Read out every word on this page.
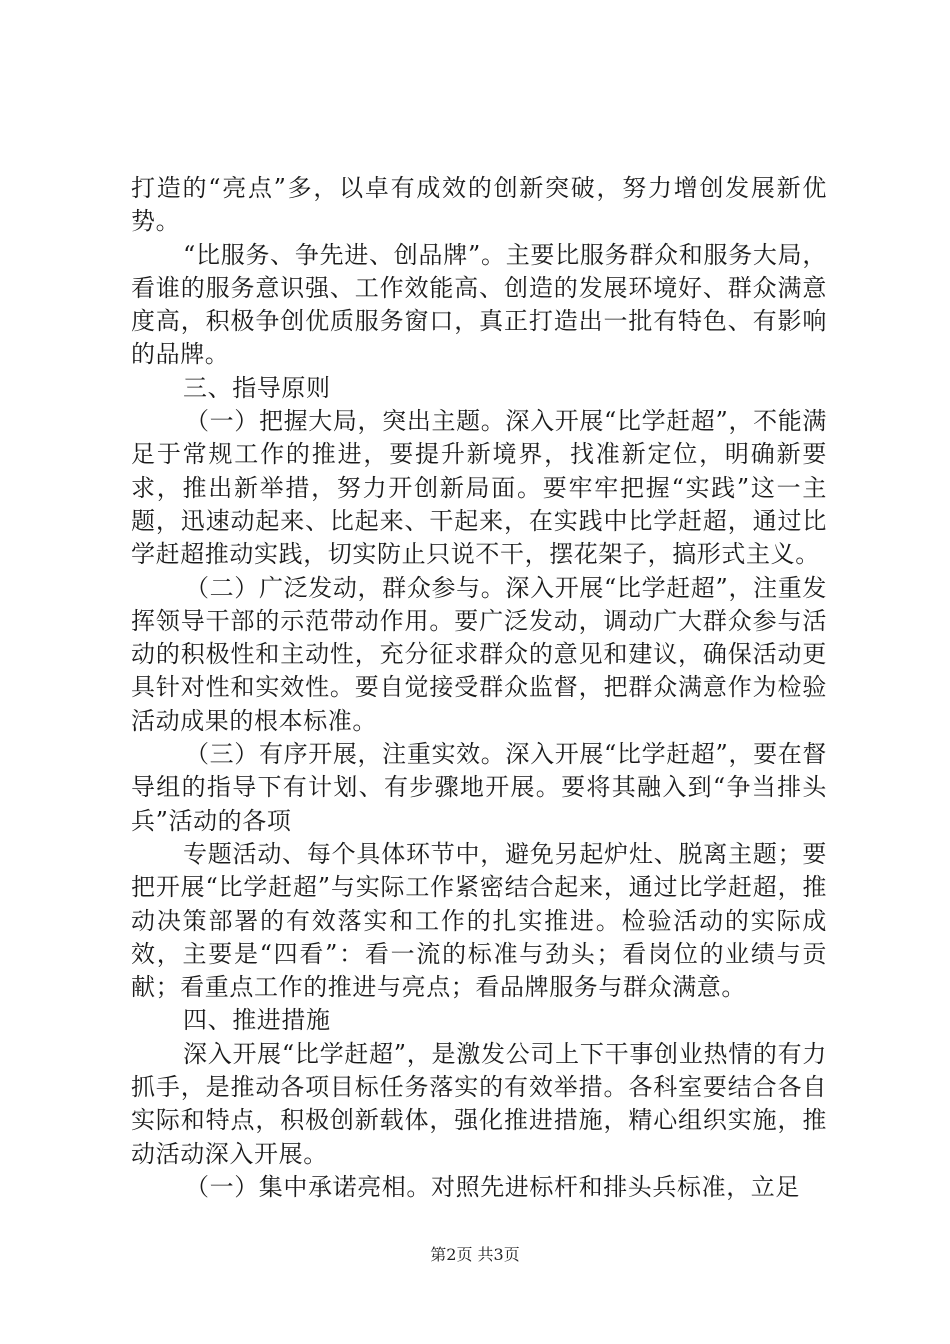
打造的“亮点”多，以卓有成效的创新突破，努力增创发展新优势。

“比服务、争先进、创品牌”。主要比服务群众和服务大局，看谁的服务意识强、工作效能高、创造的发展环境好、群众满意度高，积极争创优质服务窗口，真正打造出一批有特色、有影响的品牌。

三、指导原则

（一）把握大局，突出主题。深入开展“比学赶超”，不能满足于常规工作的推进，要提升新境界，找准新定位，明确新要求，推出新举措，努力开创新局面。要牢牢把握“实践”这一主题，迅速动起来、比起来、干起来，在实践中比学赶超，通过比学赶超推动实践，切实防止只说不干，摆花架子，搞形式主义。

（二）广泛发动，群众参与。深入开展“比学赶超”，注重发挥领导干部的示范带动作用。要广泛发动，调动广大群众参与活动的积极性和主动性，充分征求群众的意见和建议，确保活动更具针对性和实效性。要自觉接受群众监督，把群众满意作为检验活动成果的根本标准。

（三）有序开展，注重实效。深入开展“比学赶超”，要在督导组的指导下有计划、有步骤地开展。要将其融入到“争当排头兵”活动的各项

专题活动、每个具体环节中，避免另起炉灶、脱离主题；要把开展“比学赶超”与实际工作紧密结合起来，通过比学赶超，推动决策部署的有效落实和工作的扎实推进。检验活动的实际成效，主要是“四看”：看一流的标准与劲头；看岗位的业绩与贡献；看重点工作的推进与亮点；看品牌服务与群众满意。

四、推进措施

深入开展“比学赶超”，是激发公司上下干事创业热情的有力抓手，是推动各项目标任务落实的有效举措。各科室要结合各自实际和特点，积极创新载体，强化推进措施，精心组织实施，推动活动深入开展。

（一）集中承诺亮相。对照先进标杆和排头兵标准，立足

第2页 共3页
